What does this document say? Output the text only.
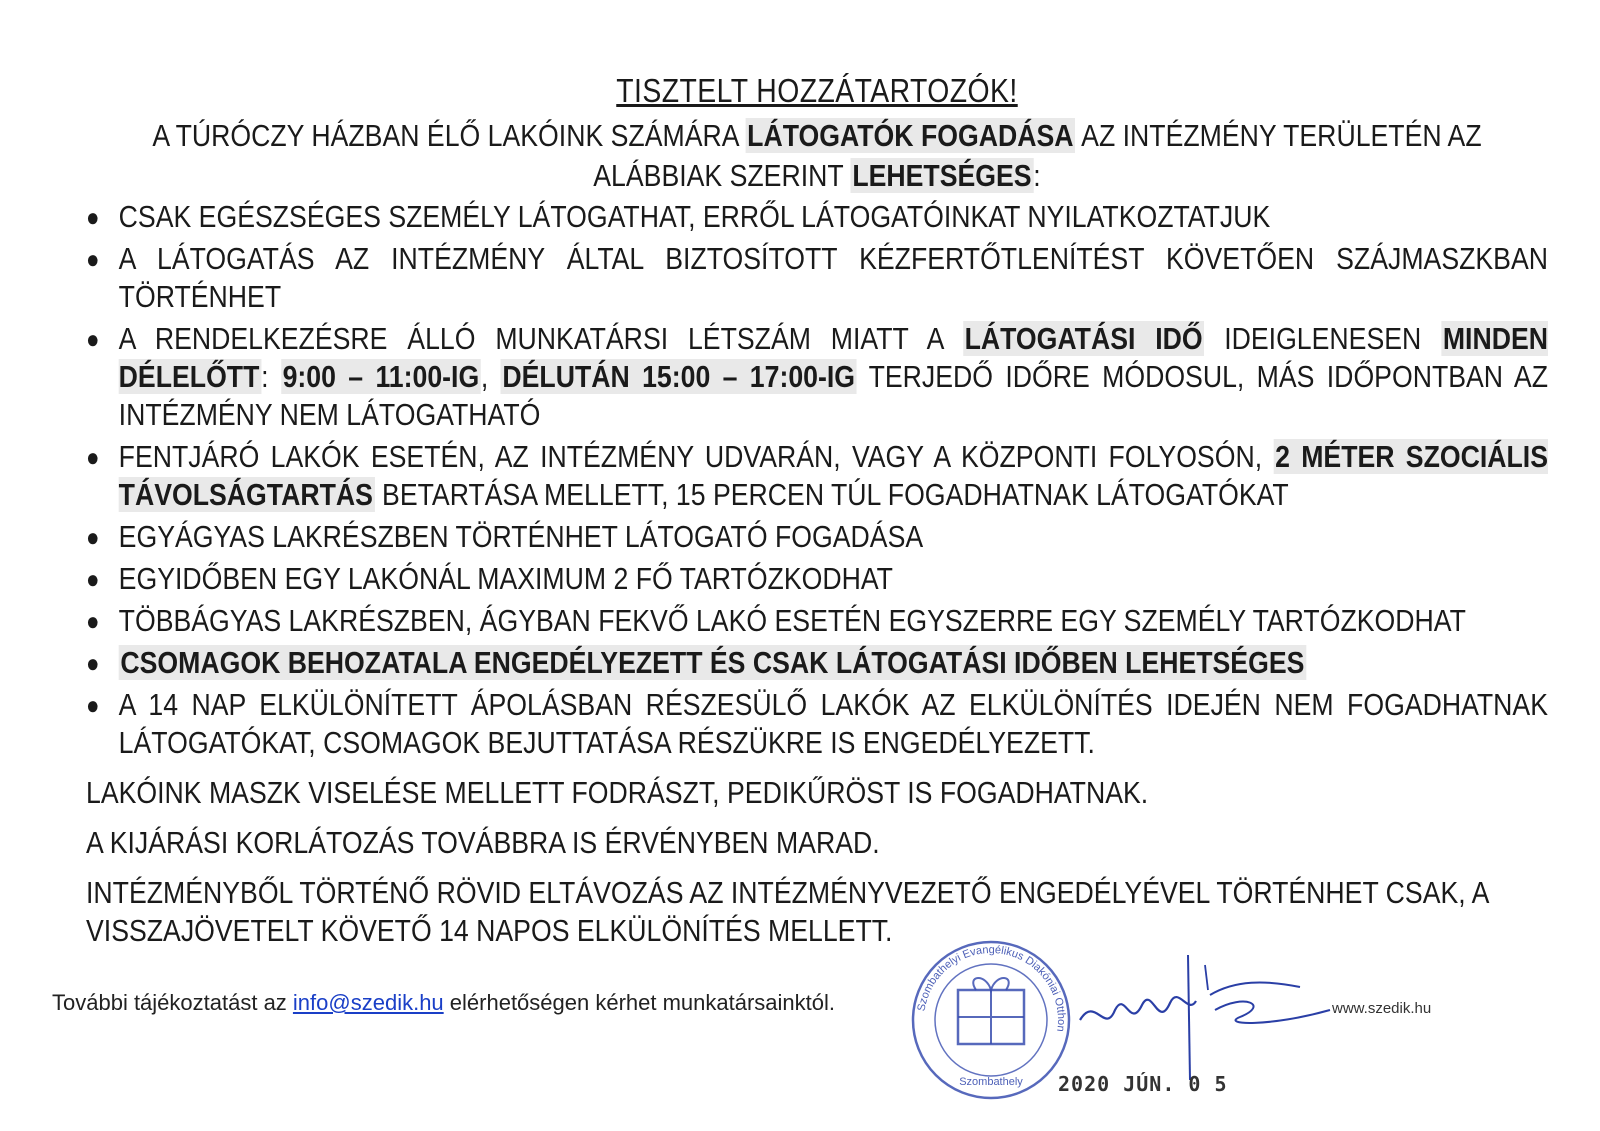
TISZTELT HOZZÁTARTOZÓK!
A TÚRÓCZY HÁZBAN ÉLŐ LAKÓINK SZÁMÁRA LÁTOGATÓK FOGADÁSA AZ INTÉZMÉNY TERÜLETÉN AZ ALÁBBIAK SZERINT LEHETSÉGES:
● CSAK EGÉSZSÉGES SZEMÉLY LÁTOGATHAT, ERRŐL LÁTOGATÓINKAT NYILATKOZTATJUK
● A LÁTOGATÁS AZ INTÉZMÉNY ÁLTAL BIZTOSÍTOTT KÉZFERTŐTLENÍTÉST KÖVETŐEN SZÁJMASZKBAN TÖRTÉNHET
● A RENDELKEZÉSRE ÁLLÓ MUNKATÁRSI LÉTSZÁM MIATT A LÁTOGATÁSI IDŐ IDEIGLENESEN MINDEN DÉLELŐTT: 9:00 – 11:00-IG, DÉLUTÁN 15:00 – 17:00-IG TERJEDŐ IDŐRE MÓDOSUL, MÁS IDŐPONTBAN AZ INTÉZMÉNY NEM LÁTOGATHATÓ
● FENTJÁRÓ LAKÓK ESETÉN, AZ INTÉZMÉNY UDVARÁN, VAGY A KÖZPONTI FOLYOSÓN, 2 MÉTER SZOCIÁLIS TÁVOLSÁGTARTÁS BETARTÁSA MELLETT, 15 PERCEN TÚL FOGADHATNAK LÁTOGATÓKAT
● EGYÁGYAS LAKRÉSZBEN TÖRTÉNHET LÁTOGATÓ FOGADÁSA
● EGYIDŐBEN EGY LAKÓNÁL MAXIMUM 2 FŐ TARTÓZKODHAT
● TÖBBÁGYAS LAKRÉSZBEN, ÁGYBAN FEKVŐ LAKÓ ESETÉN EGYSZERRE EGY SZEMÉLY TARTÓZKODHAT
● CSOMAGOK BEHOZATALA ENGEDÉLYEZETT ÉS CSAK LÁTOGATÁSI IDŐBEN LEHETSÉGES
● A 14 NAP ELKÜLÖNÍTETT ÁPOLÁSBAN RÉSZESÜLŐ LAKÓK AZ ELKÜLÖNÍTÉS IDEJÉN NEM FOGADHATNAK LÁTOGATÓKAT, CSOMAGOK BEJUTTATÁSA RÉSZÜKRE IS ENGEDÉLYEZETT.

LAKÓINK MASZK VISELÉSE MELLETT FODRÁSZT, PEDIKŰRÖST IS FOGADHATNAK.

A KIJÁRÁSI KORLÁTOZÁS TOVÁBBRA IS ÉRVÉNYBEN MARAD.

INTÉZMÉNYBŐL TÖRTÉNŐ RÖVID ELTÁVOZÁS AZ INTÉZMÉNYVEZETŐ ENGEDÉLYÉVEL TÖRTÉNHET CSAK, A VISSZAJÖVETELT KÖVETŐ 14 NAPOS ELKÜLÖNÍTÉS MELLETT.

További tájékoztatást az info@szedik.hu elérhetőségen kérhet munkatársainktól.	Szombathelyi Evangélikus Diakóniai Otthon
Szombathely
www.szedik.hu
2020 JÚN. 0 5
